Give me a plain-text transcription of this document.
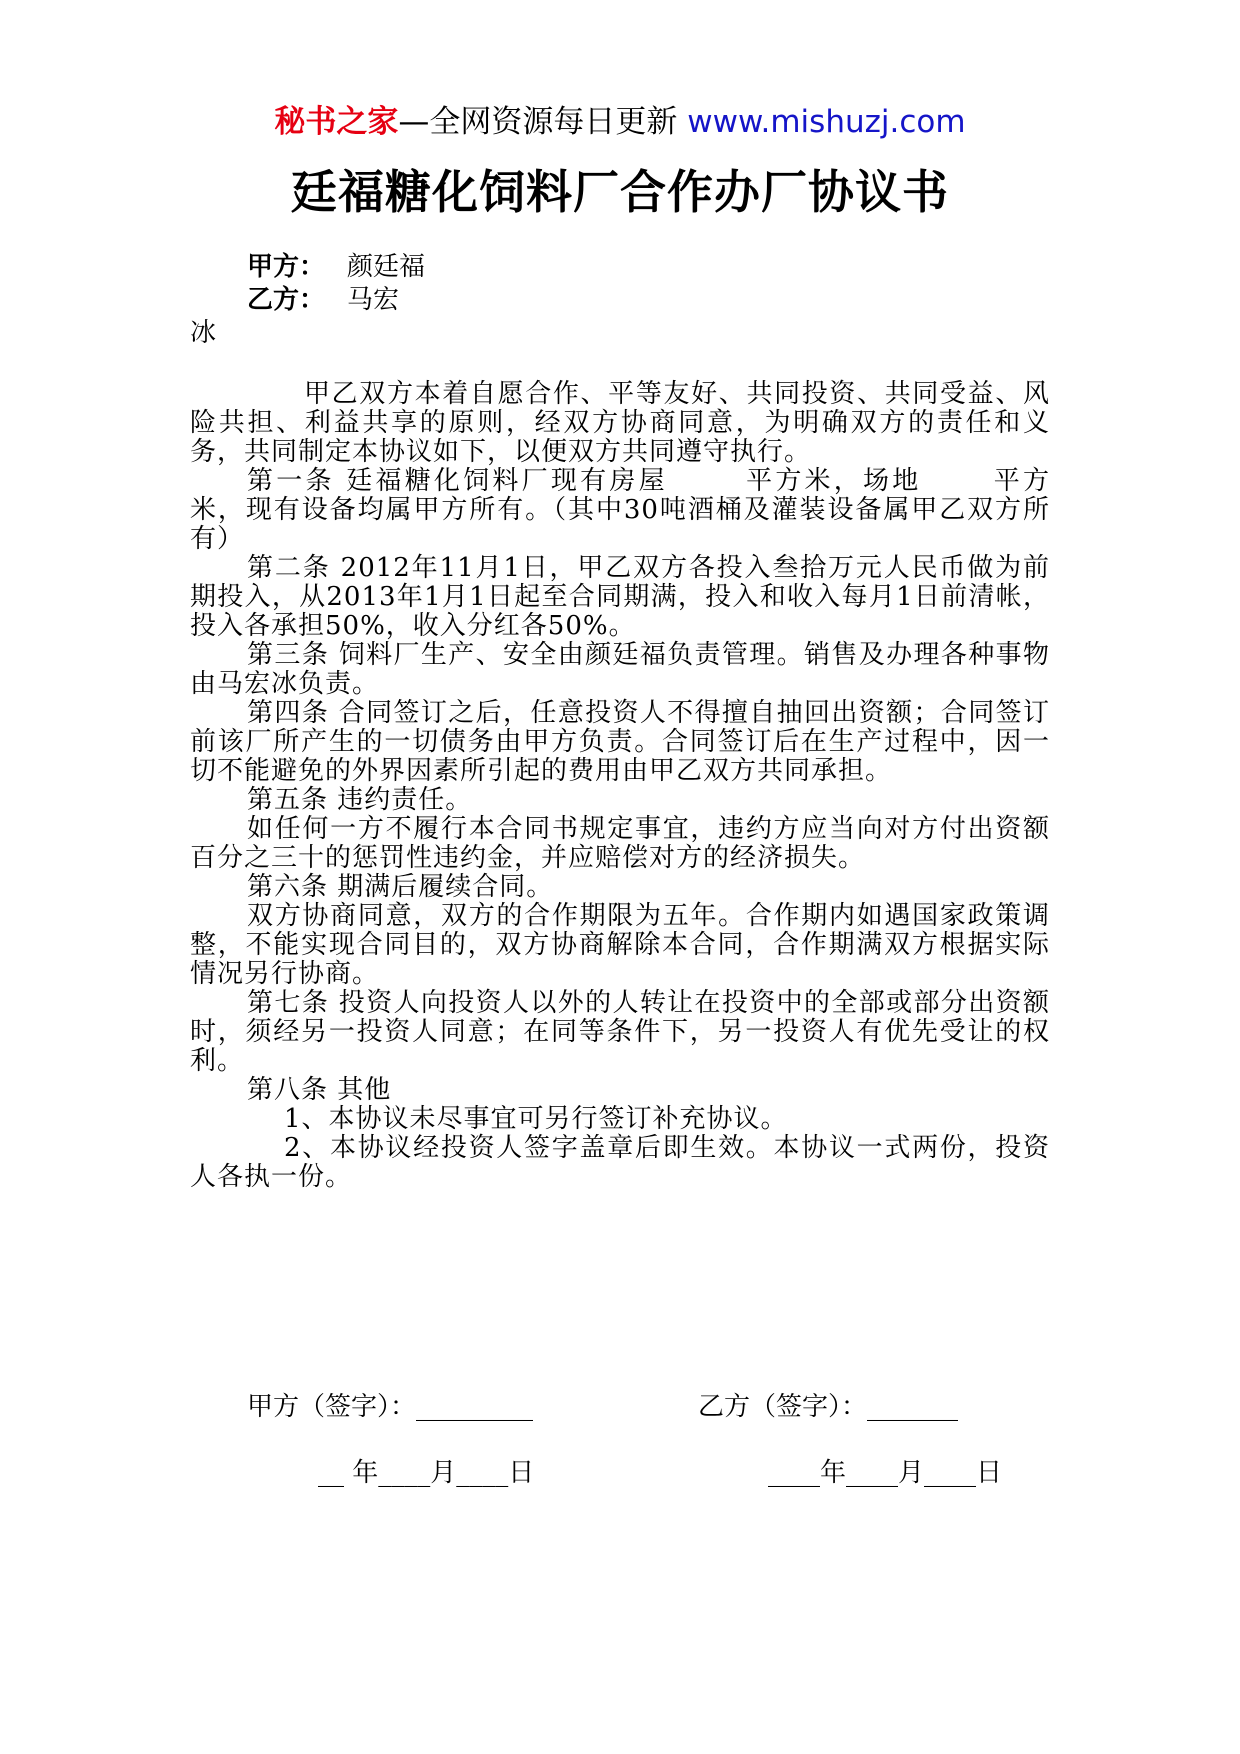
秘书之家—全网资源每日更新 www.mishuzj.com
廷福糖化饲料厂合作办厂协议书
甲方： 颜廷福
乙方： 马宏
冰

甲乙双方本着自愿合作、平等友好、共同投资、共同受益、风险共担、利益共享的原则，经双方协商同意，为明确双方的责任和义务，共同制定本协议如下，以便双方共同遵守执行。

第一条 廷福糖化饲料厂现有房屋	平方米，场地	平方米，现有设备均属甲方所有。（其中30吨酒桶及灌装设备属甲乙双方所有）

第二条 2012年11月1日，甲乙双方各投入叁拾万元人民币做为前期投入，从2013年1月1日起至合同期满，投入和收入每月1日前清帐，投入各承担50%，收入分红各50%。

第三条 饲料厂生产、安全由颜廷福负责管理。销售及办理各种事物由马宏冰负责。

第四条 合同签订之后，任意投资人不得擅自抽回出资额；合同签订前该厂所产生的一切债务由甲方负责。合同签订后在生产过程中，因一切不能避免的外界因素所引起的费用由甲乙双方共同承担。

第五条 违约责任。

如任何一方不履行本合同书规定事宜，违约方应当向对方付出资额百分之三十的惩罚性违约金，并应赔偿对方的经济损失。

第六条 期满后履续合同。

双方协商同意，双方的合作期限为五年。合作期内如遇国家政策调整，不能实现合同目的，双方协商解除本合同，合作期满双方根据实际情况另行协商。

第七条 投资人向投资人以外的人转让在投资中的全部或部分出资额时，须经另一投资人同意；在同等条件下，另一投资人有优先受让的权利。

第八条 其他

1、本协议未尽事宜可另行签订补充协议。

2、本协议经投资人签字盖章后即生效。本协议一式两份，投资人各执一份。

甲方（签字）：_________	乙方（签字）：_______
__ 年____月____日	____年____月____日
